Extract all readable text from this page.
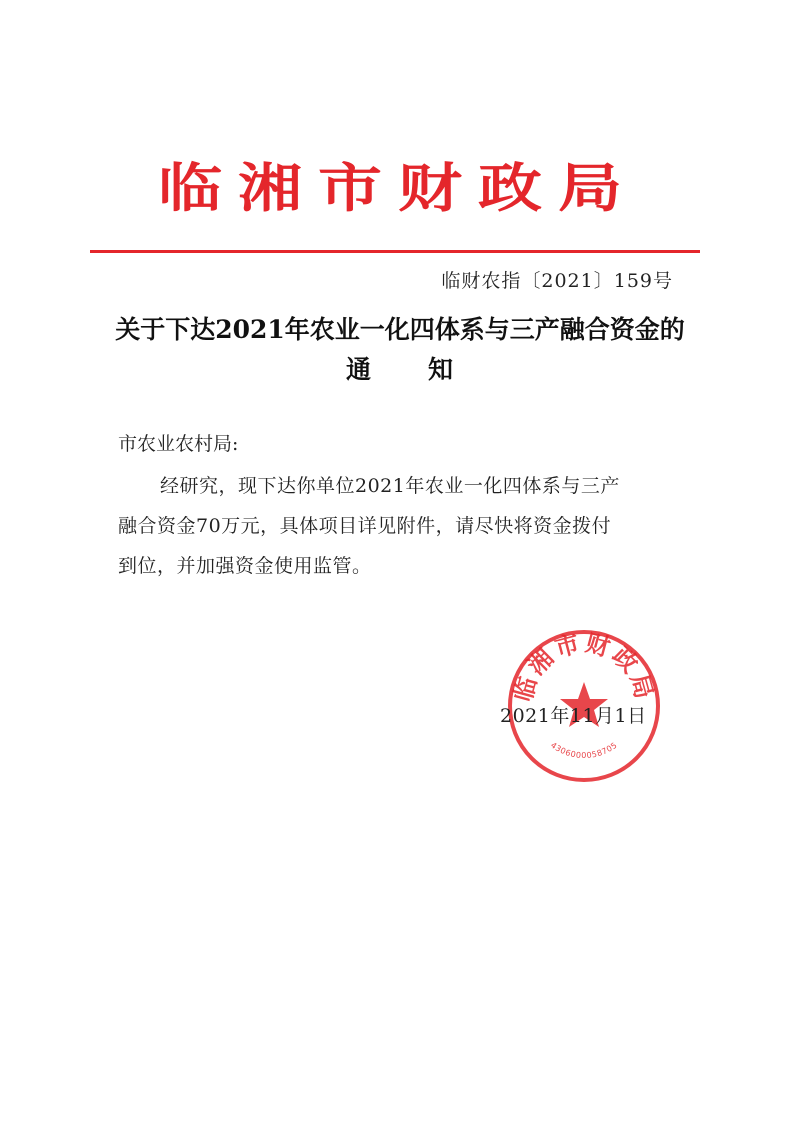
临湘市财政局
临财农指〔2021〕159号
关于下达2021年农业一化四体系与三产融合资金的
通 知
市农业农村局:
经研究，现下达你单位2021年农业一化四体系与三产
融合资金70万元，具体项目详见附件，请尽快将资金拨付
到位，并加强资金使用监管。
临湘市财政局
4306000058705
2021年11月1日
